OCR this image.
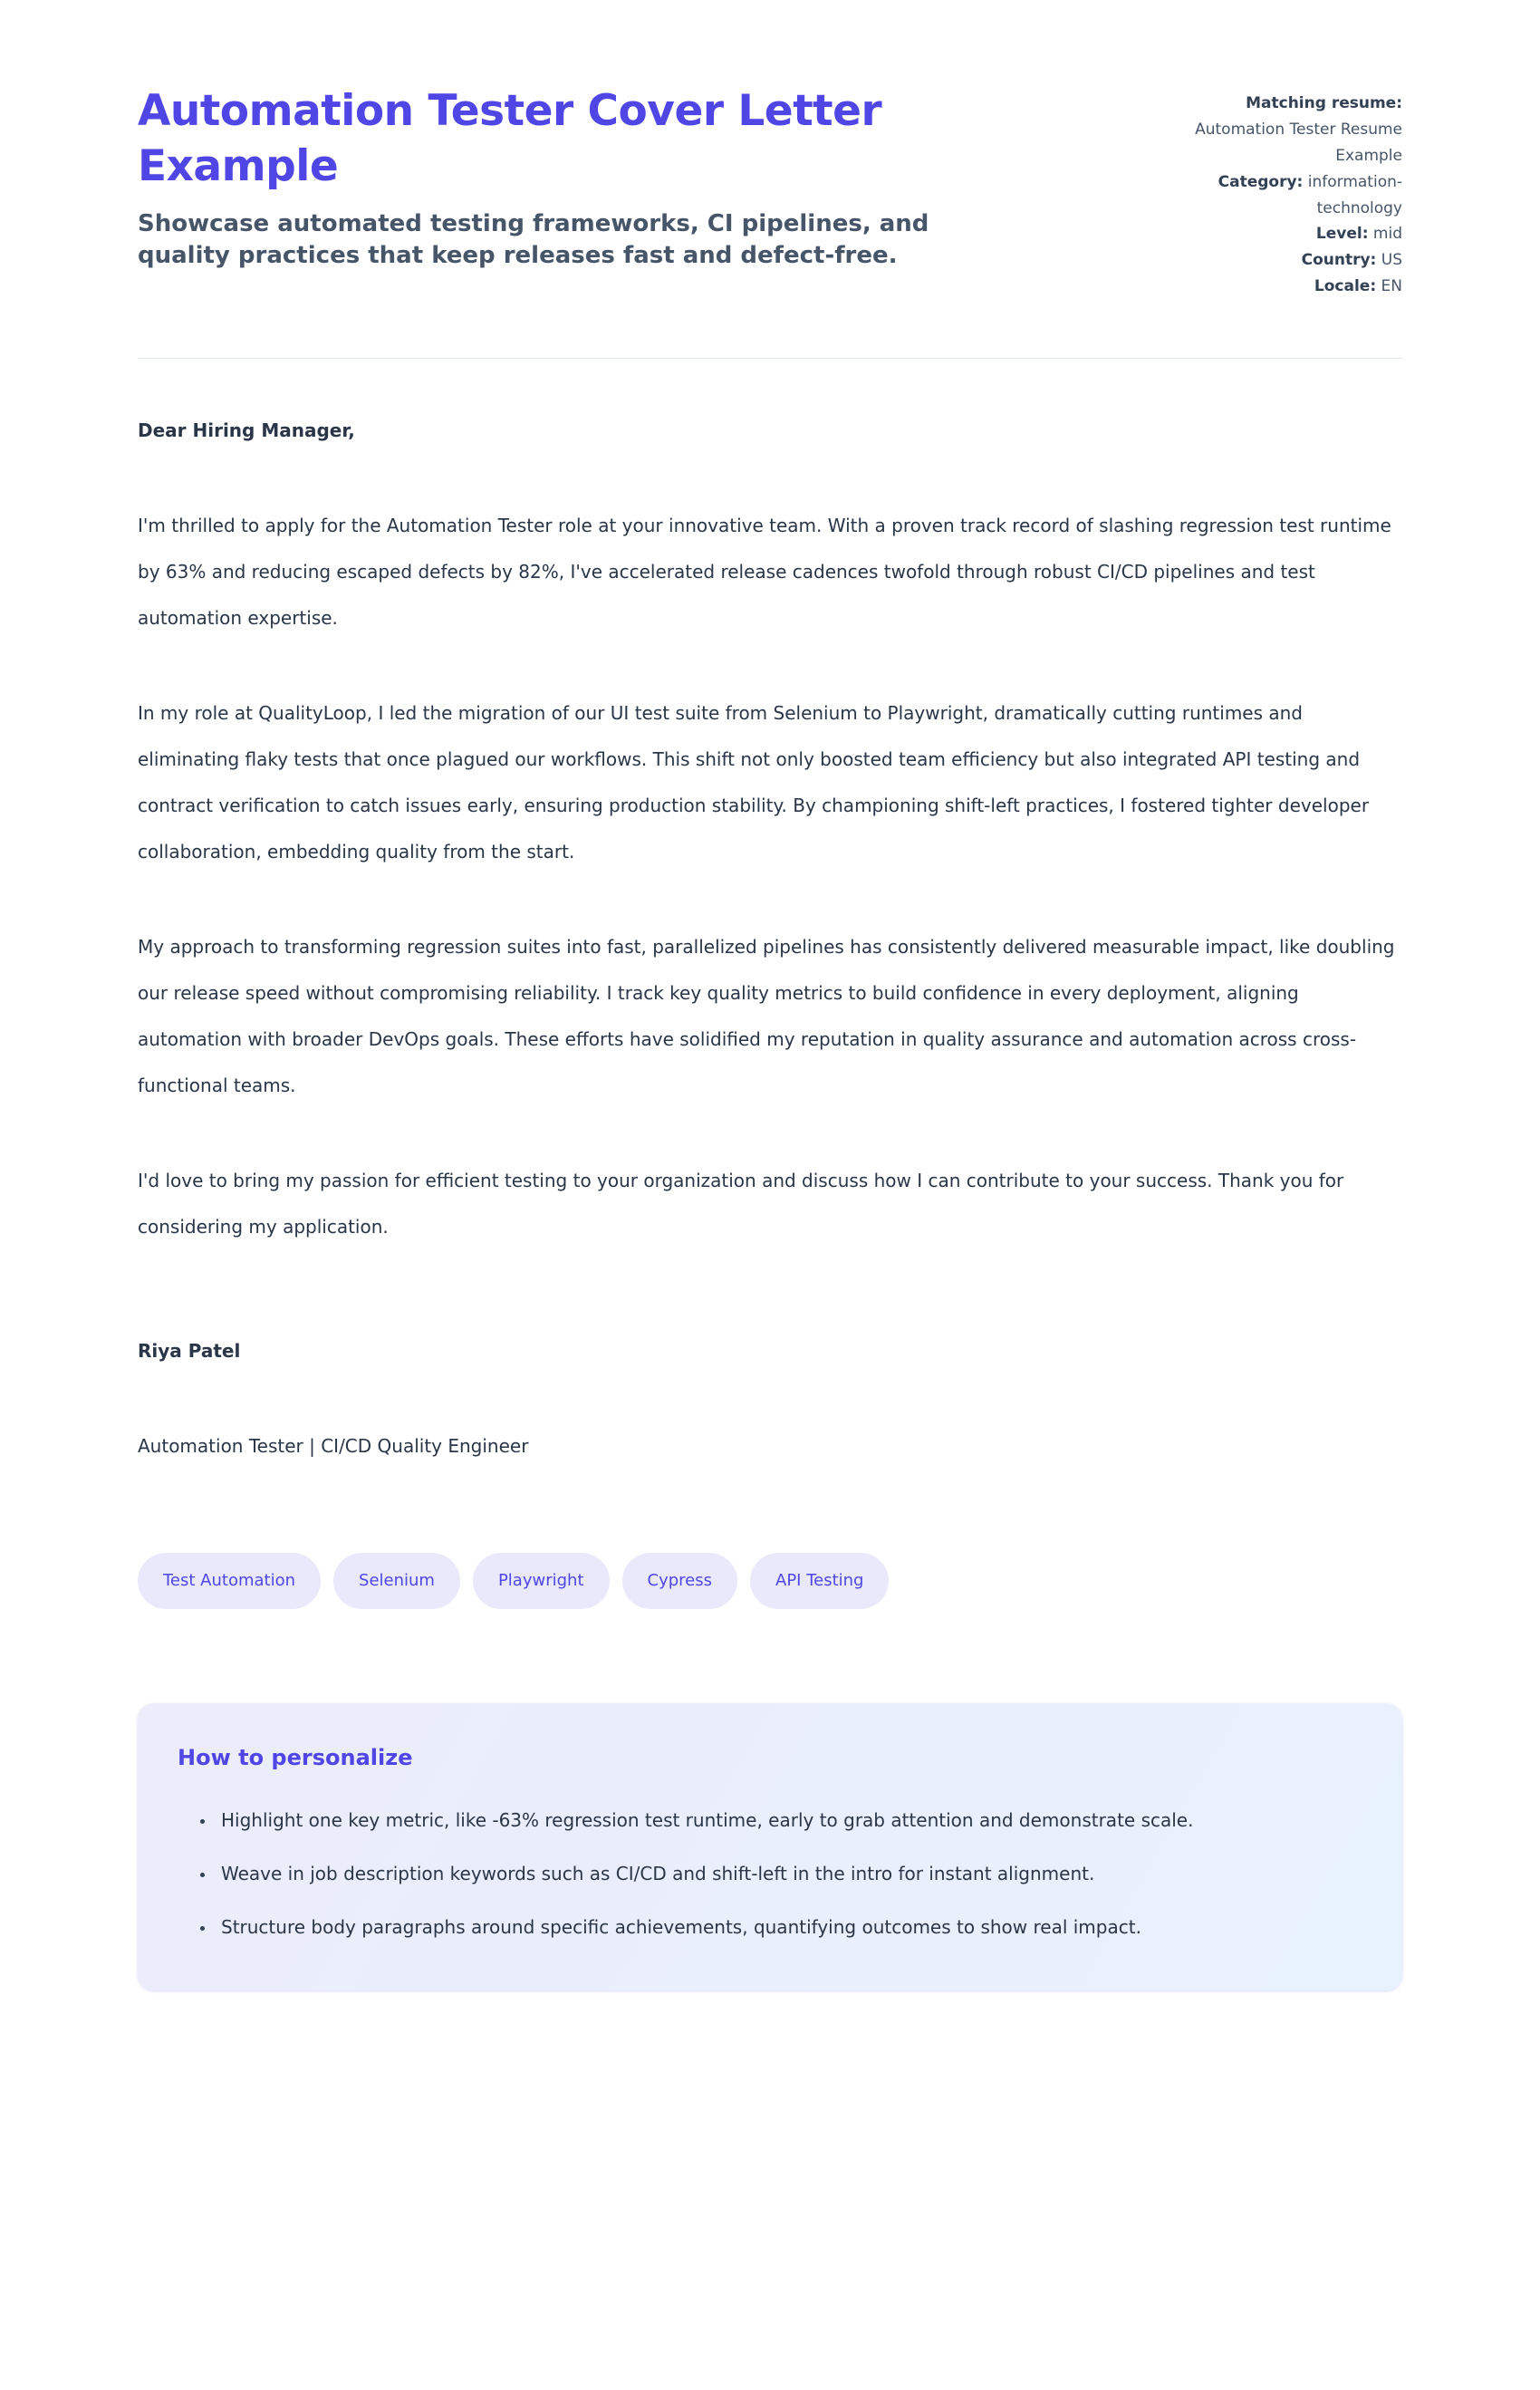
Automation Tester Cover Letter Example

Showcase automated testing frameworks, CI pipelines, and quality practices that keep releases fast and defect-free.

Matching resume: Automation Tester Resume Example
Category: information-technology
Level: mid
Country: US
Locale: EN

Dear Hiring Manager,

I'm thrilled to apply for the Automation Tester role at your innovative team. With a proven track record of slashing regression test runtime by 63% and reducing escaped defects by 82%, I've accelerated release cadences twofold through robust CI/CD pipelines and test automation expertise.

In my role at QualityLoop, I led the migration of our UI test suite from Selenium to Playwright, dramatically cutting runtimes and eliminating flaky tests that once plagued our workflows. This shift not only boosted team efficiency but also integrated API testing and contract verification to catch issues early, ensuring production stability. By championing shift-left practices, I fostered tighter developer collaboration, embedding quality from the start.

My approach to transforming regression suites into fast, parallelized pipelines has consistently delivered measurable impact, like doubling our release speed without compromising reliability. I track key quality metrics to build confidence in every deployment, aligning automation with broader DevOps goals. These efforts have solidified my reputation in quality assurance and automation across cross-functional teams.

I'd love to bring my passion for efficient testing to your organization and discuss how I can contribute to your success. Thank you for considering my application.

Riya Patel

Automation Tester | CI/CD Quality Engineer

Test Automation	Selenium	Playwright	Cypress	API Testing
How to personalize
• Highlight one key metric, like -63% regression test runtime, early to grab attention and demonstrate scale.
• Weave in job description keywords such as CI/CD and shift-left in the intro for instant alignment.
• Structure body paragraphs around specific achievements, quantifying outcomes to show real impact.
